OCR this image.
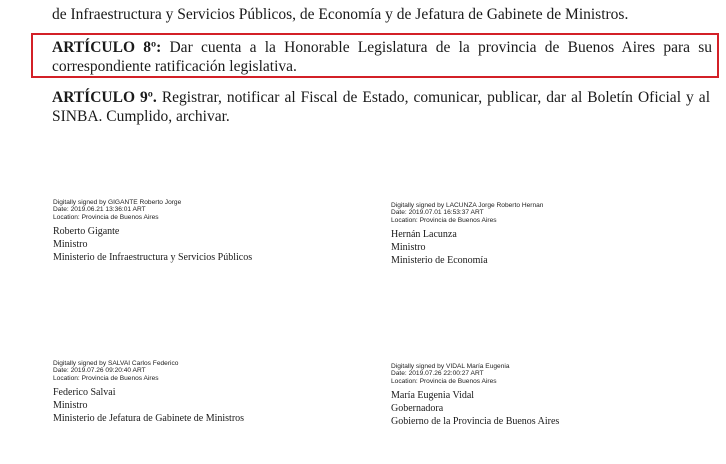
de Infraestructura y Servicios Públicos, de Economía y de Jefatura de Gabinete de Ministros.
ARTÍCULO 8º: Dar cuenta a la Honorable Legislatura de la provincia de Buenos Aires para su correspondiente ratificación legislativa.
ARTÍCULO 9º. Registrar, notificar al Fiscal de Estado, comunicar, publicar, dar al Boletín Oficial y al SINBA. Cumplido, archivar.
Digitally signed by GIGANTE Roberto Jorge
Date: 2019.06.21 13:36:01 ART
Location: Provincia de Buenos Aires
Roberto Gigante
Ministro
Ministerio de Infraestructura y Servicios Públicos
Digitally signed by LACUNZA Jorge Roberto Hernan
Date: 2019.07.01 16:53:37 ART
Location: Provincia de Buenos Aires
Hernán Lacunza
Ministro
Ministerio de Economía
Digitally signed by SALVAI Carlos Federico
Date: 2019.07.26 09:20:40 ART
Location: Provincia de Buenos Aires
Federico Salvai
Ministro
Ministerio de Jefatura de Gabinete de Ministros
Digitally signed by VIDAL María Eugenia
Date: 2019.07.26 22:00:27 ART
Location: Provincia de Buenos Aires
María Eugenia Vidal
Gobernadora
Gobierno de la Provincia de Buenos Aires
